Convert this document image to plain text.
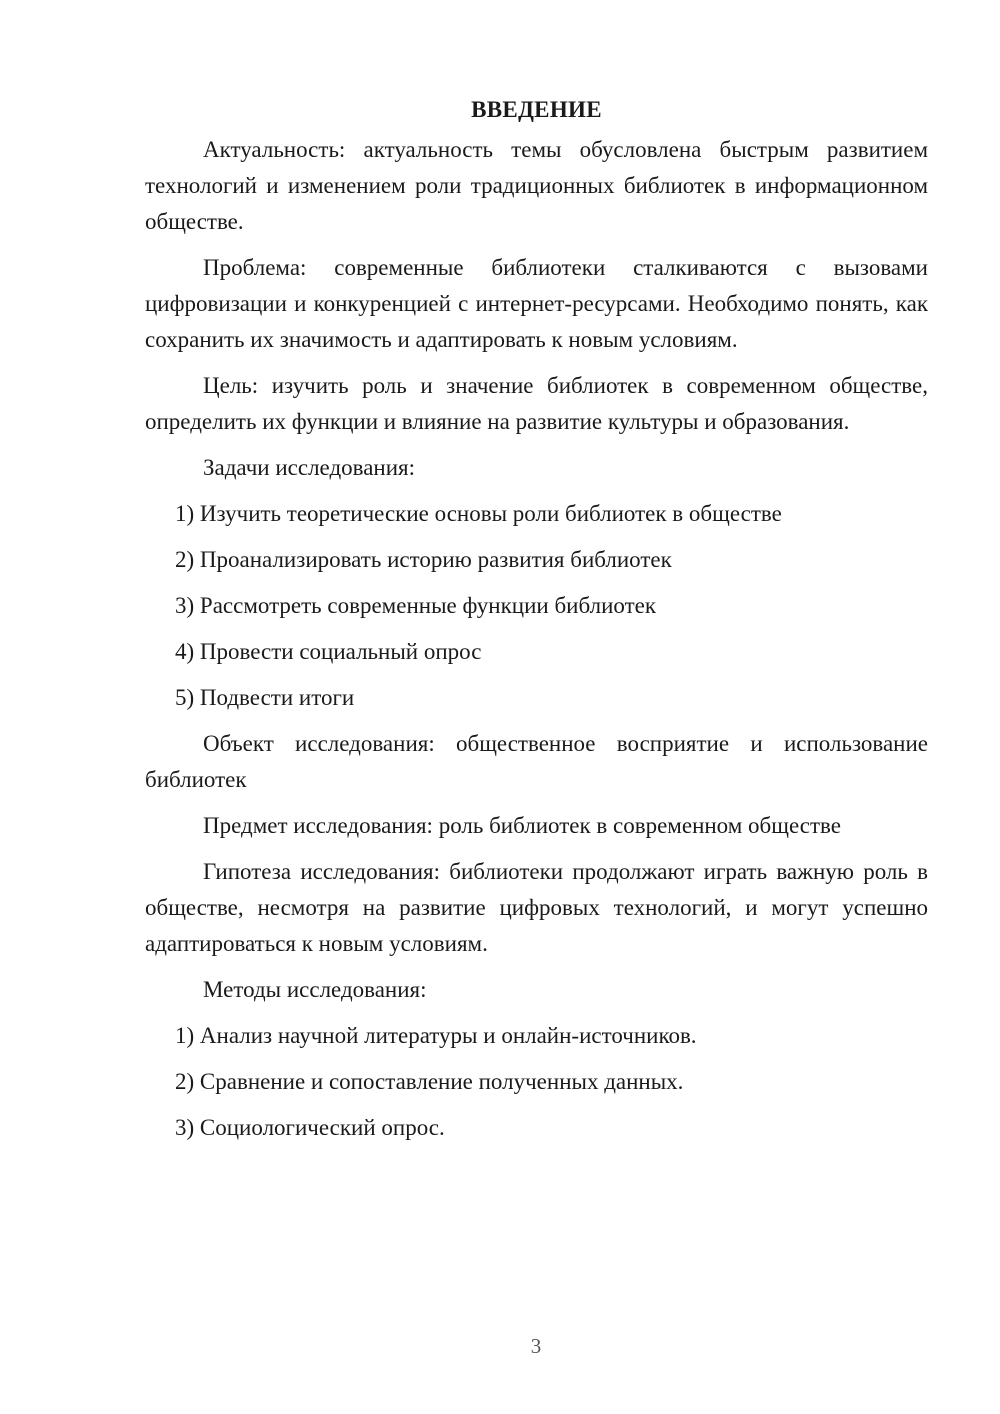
ВВЕДЕНИЕ

Актуальность: актуальность темы обусловлена быстрым развитием технологий и изменением роли традиционных библиотек в информационном обществе.

Проблема: современные библиотеки сталкиваются с вызовами цифровизации и конкуренцией с интернет-ресурсами. Необходимо понять, как сохранить их значимость и адаптировать к новым условиям.

Цель: изучить роль и значение библиотек в современном обществе, определить их функции и влияние на развитие культуры и образования.

Задачи исследования:

1) Изучить теоретические основы роли библиотек в обществе
2) Проанализировать историю развития библиотек
3) Рассмотреть современные функции библиотек
4) Провести социальный опрос
5) Подвести итоги

Объект исследования: общественное восприятие и использование библиотек

Предмет исследования: роль библиотек в современном обществе

Гипотеза исследования: библиотеки продолжают играть важную роль в обществе, несмотря на развитие цифровых технологий, и могут успешно адаптироваться к новым условиям.

Методы исследования:

1) Анализ научной литературы и онлайн-источников.
2) Сравнение и сопоставление полученных данных.
3) Социологический опрос.
3
